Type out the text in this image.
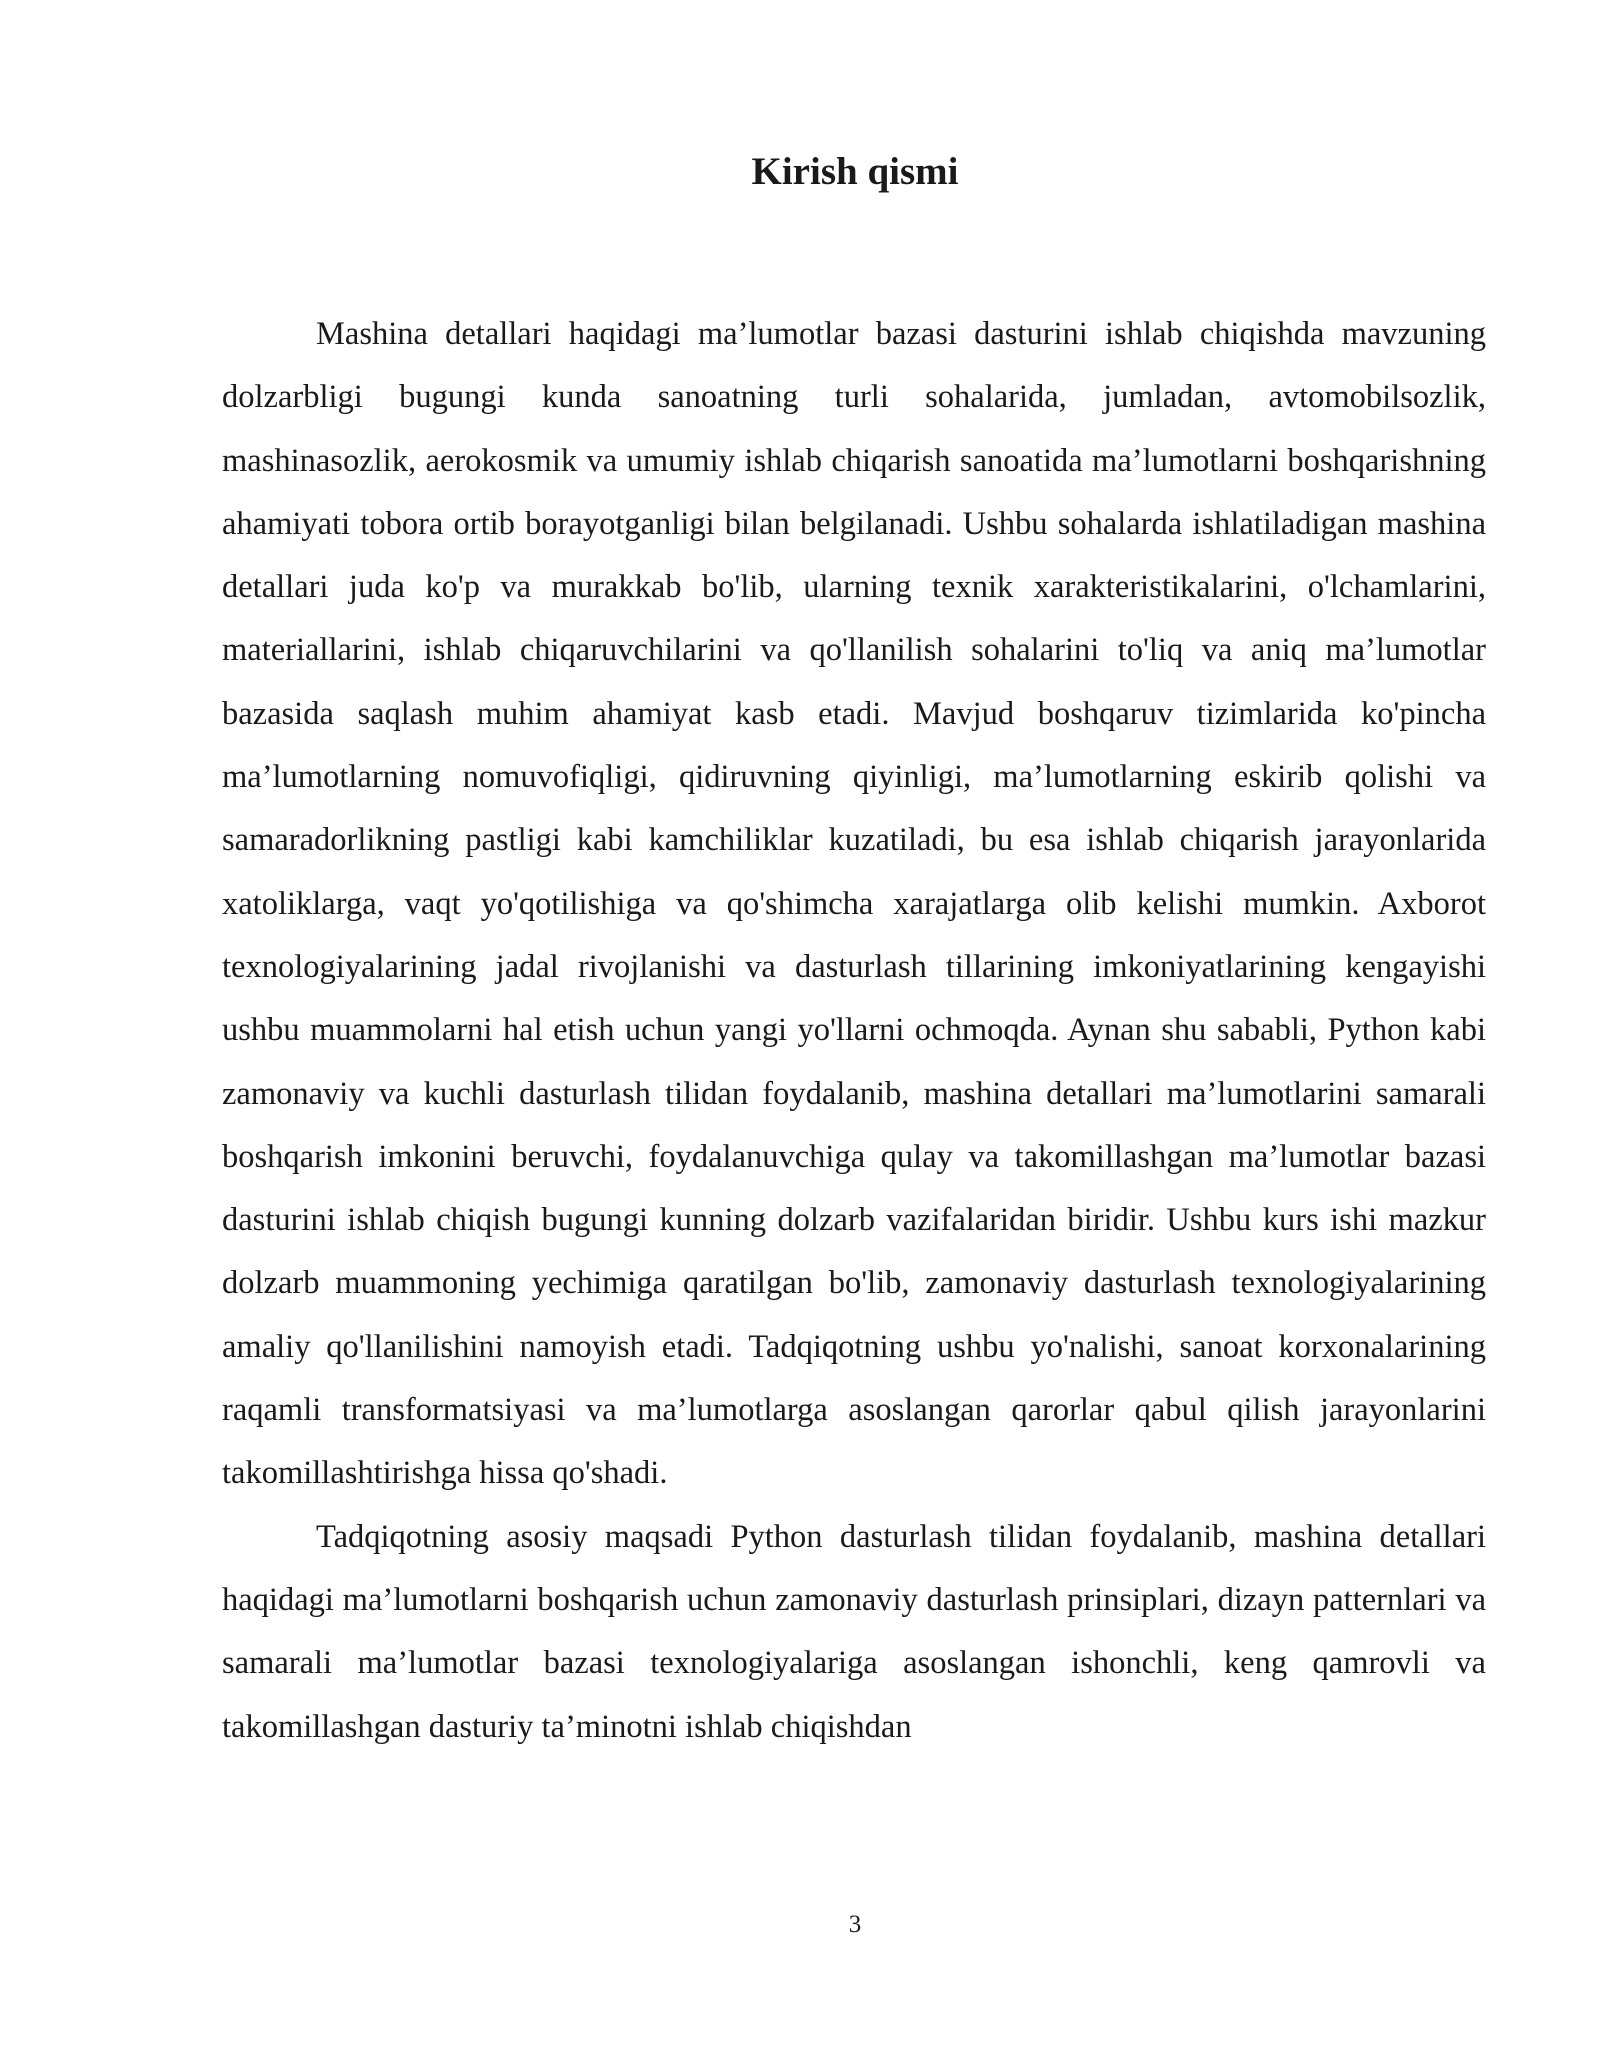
Kirish qismi

Mashina detallari haqidagi ma’lumotlar bazasi dasturini ishlab chiqishda mavzuning dolzarbligi bugungi kunda sanoatning turli sohalarida, jumladan, avtomobilsozlik, mashinasozlik, aerokosmik va umumiy ishlab chiqarish sanoatida ma’lumotlarni boshqarishning ahamiyati tobora ortib borayotganligi bilan belgilanadi. Ushbu sohalarda ishlatiladigan mashina detallari juda ko'p va murakkab bo'lib, ularning texnik xarakteristikalarini, o'lchamlarini, materiallarini, ishlab chiqaruvchilarini va qo'llanilish sohalarini to'liq va aniq ma’lumotlar bazasida saqlash muhim ahamiyat kasb etadi. Mavjud boshqaruv tizimlarida ko'pincha ma’lumotlarning nomuvofiqligi, qidiruvning qiyinligi, ma’lumotlarning eskirib qolishi va samaradorlikning pastligi kabi kamchiliklar kuzatiladi, bu esa ishlab chiqarish jarayonlarida xatoliklarga, vaqt yo'qotilishiga va qo'shimcha xarajatlarga olib kelishi mumkin. Axborot texnologiyalarining jadal rivojlanishi va dasturlash tillarining imkoniyatlarining kengayishi ushbu muammolarni hal etish uchun yangi yo'llarni ochmoqda. Aynan shu sababli, Python kabi zamonaviy va kuchli dasturlash tilidan foydalanib, mashina detallari ma’lumotlarini samarali boshqarish imkonini beruvchi, foydalanuvchiga qulay va takomillashgan ma’lumotlar bazasi dasturini ishlab chiqish bugungi kunning dolzarb vazifalaridan biridir. Ushbu kurs ishi mazkur dolzarb muammoning yechimiga qaratilgan bo'lib, zamonaviy dasturlash texnologiyalarining amaliy qo'llanilishini namoyish etadi. Tadqiqotning ushbu yo'nalishi, sanoat korxonalarining raqamli transformatsiyasi va ma’lumotlarga asoslangan qarorlar qabul qilish jarayonlarini takomillashtirishga hissa qo'shadi.

Tadqiqotning asosiy maqsadi Python dasturlash tilidan foydalanib, mashina detallari haqidagi ma’lumotlarni boshqarish uchun zamonaviy dasturlash prinsiplari, dizayn patternlari va samarali ma’lumotlar bazasi texnologiyalariga asoslangan ishonchli, keng qamrovli va takomillashgan dasturiy ta’minotni ishlab chiqishdan

3
